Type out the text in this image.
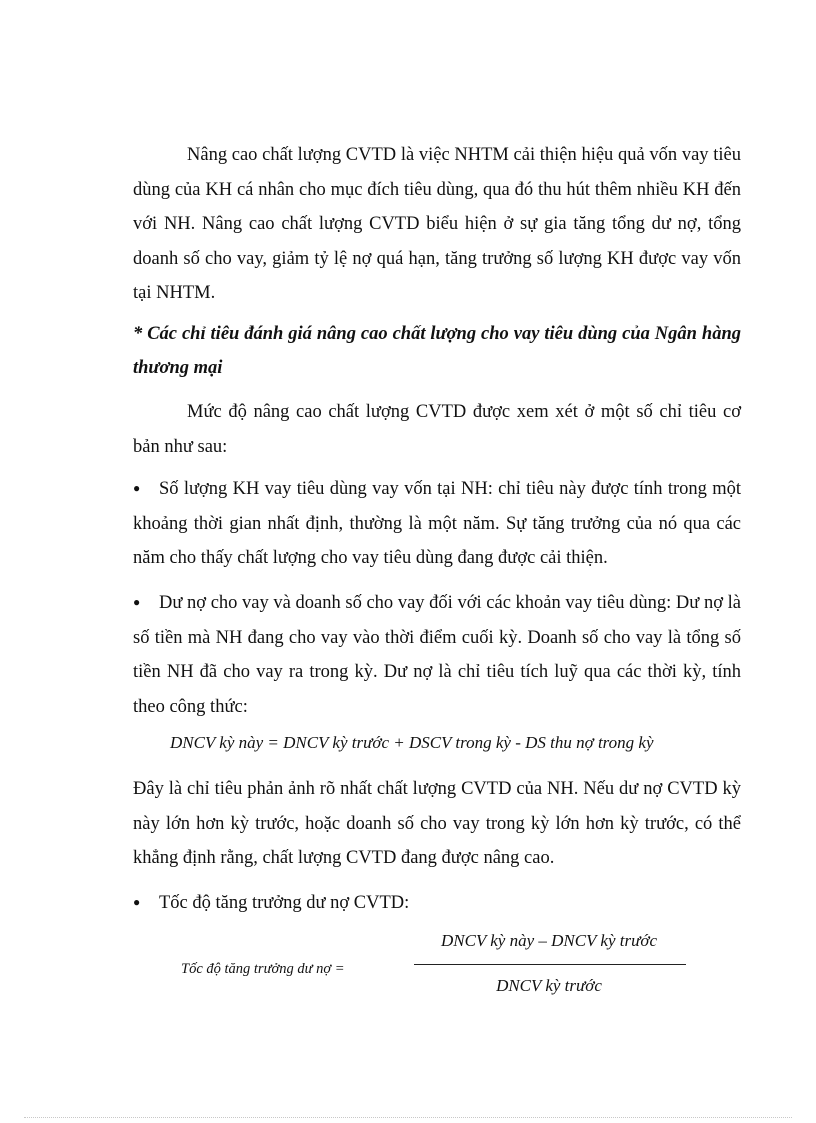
Nâng cao chất lượng CVTD là việc NHTM cải thiện hiệu quả vốn vay tiêu dùng của KH cá nhân cho mục đích tiêu dùng, qua đó thu hút thêm nhiều KH đến với NH. Nâng cao chất lượng CVTD biểu hiện ở sự gia tăng tổng dư nợ, tổng doanh số cho vay, giảm tỷ lệ nợ quá hạn, tăng trưởng số lượng KH được vay vốn tại NHTM.
* Các chỉ tiêu đánh giá nâng cao chất lượng cho vay tiêu dùng của Ngân hàng thương mại
Mức độ nâng cao chất lượng CVTD được xem xét ở một số chỉ tiêu cơ bản như sau:
● Số lượng KH vay tiêu dùng vay vốn tại NH: chỉ tiêu này được tính trong một khoảng thời gian nhất định, thường là một năm. Sự tăng trưởng của nó qua các năm cho thấy chất lượng cho vay tiêu dùng đang được cải thiện.
● Dư nợ cho vay và doanh số cho vay đối với các khoản vay tiêu dùng: Dư nợ là số tiền mà NH đang cho vay vào thời điểm cuối kỳ. Doanh số cho vay là tổng số tiền NH đã cho vay ra trong kỳ. Dư nợ là chỉ tiêu tích luỹ qua các thời kỳ, tính theo công thức:
DNCV kỳ này = DNCV kỳ trước + DSCV trong kỳ - DS thu nợ trong kỳ
Đây là chỉ tiêu phản ảnh rõ nhất chất lượng CVTD của NH. Nếu dư nợ CVTD kỳ này lớn hơn kỳ trước, hoặc doanh số cho vay trong kỳ lớn hơn kỳ trước, có thể khẳng định rằng, chất lượng CVTD đang được nâng cao.
● Tốc độ tăng trưởng dư nợ CVTD:
Tốc độ tăng trưởng dư nợ =
DNCV kỳ này – DNCV kỳ trước
DNCV kỳ trước
